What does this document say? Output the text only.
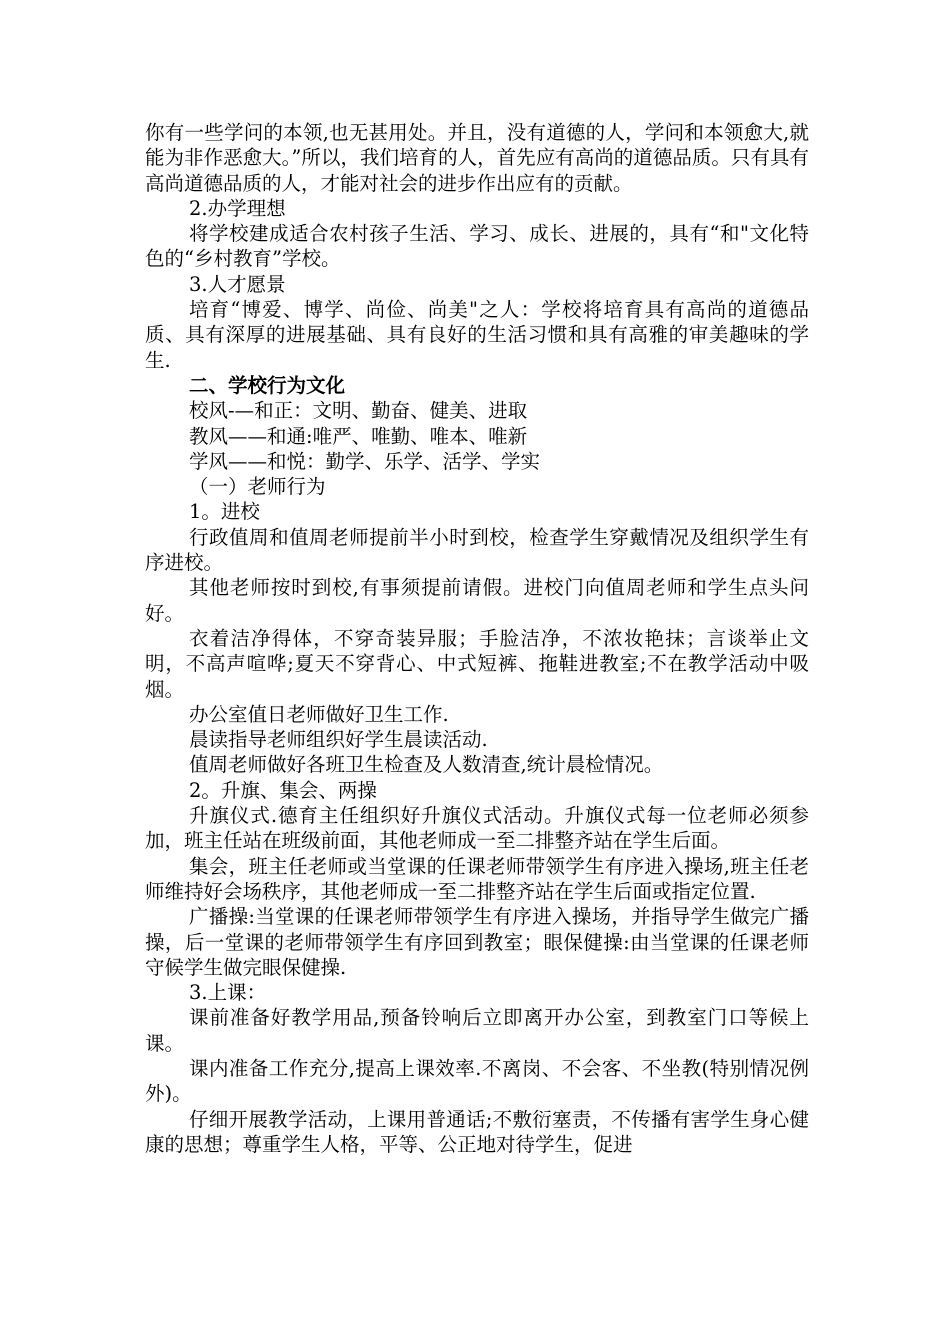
你有一些学问的本领,也无甚用处。并且，没有道德的人，学问和本领愈大,就能为非作恶愈大。”所以，我们培育的人，首先应有高尚的道德品质。只有具有高尚道德品质的人，才能对社会的进步作出应有的贡献。

2.办学理想

将学校建成适合农村孩子生活、学习、成长、进展的，具有“和"文化特色的“乡村教育”学校。

3.人才愿景

培育“博爱、博学、尚俭、尚美"之人：学校将培育具有高尚的道德品质、具有深厚的进展基础、具有良好的生活习惯和具有高雅的审美趣味的学生.

二、学校行为文化

校风-—和正：文明、勤奋、健美、进取

教风——和通:唯严、唯勤、唯本、唯新

学风——和悦：勤学、乐学、活学、学实

（一）老师行为

1。进校

行政值周和值周老师提前半小时到校，检查学生穿戴情况及组织学生有序进校。

其他老师按时到校,有事须提前请假。进校门向值周老师和学生点头问好。

衣着洁净得体，不穿奇装异服；手脸洁净，不浓妆艳抹；言谈举止文明，不高声喧哗;夏天不穿背心、中式短裤、拖鞋进教室;不在教学活动中吸烟。

办公室值日老师做好卫生工作.

晨读指导老师组织好学生晨读活动.

值周老师做好各班卫生检查及人数清查,统计晨检情况。

2。升旗、集会、两操

升旗仪式.德育主任组织好升旗仪式活动。升旗仪式每一位老师必须参加，班主任站在班级前面，其他老师成一至二排整齐站在学生后面。

集会，班主任老师或当堂课的任课老师带领学生有序进入操场,班主任老师维持好会场秩序，其他老师成一至二排整齐站在学生后面或指定位置.

广播操:当堂课的任课老师带领学生有序进入操场，并指导学生做完广播操，后一堂课的老师带领学生有序回到教室；眼保健操:由当堂课的任课老师守候学生做完眼保健操.

3.上课：

课前准备好教学用品,预备铃响后立即离开办公室，到教室门口等候上课。

课内准备工作充分,提高上课效率.不离岗、不会客、不坐教(特别情况例外)。

仔细开展教学活动，上课用普通话;不敷衍塞责，不传播有害学生身心健康的思想；尊重学生人格，平等、公正地对待学生，促进
